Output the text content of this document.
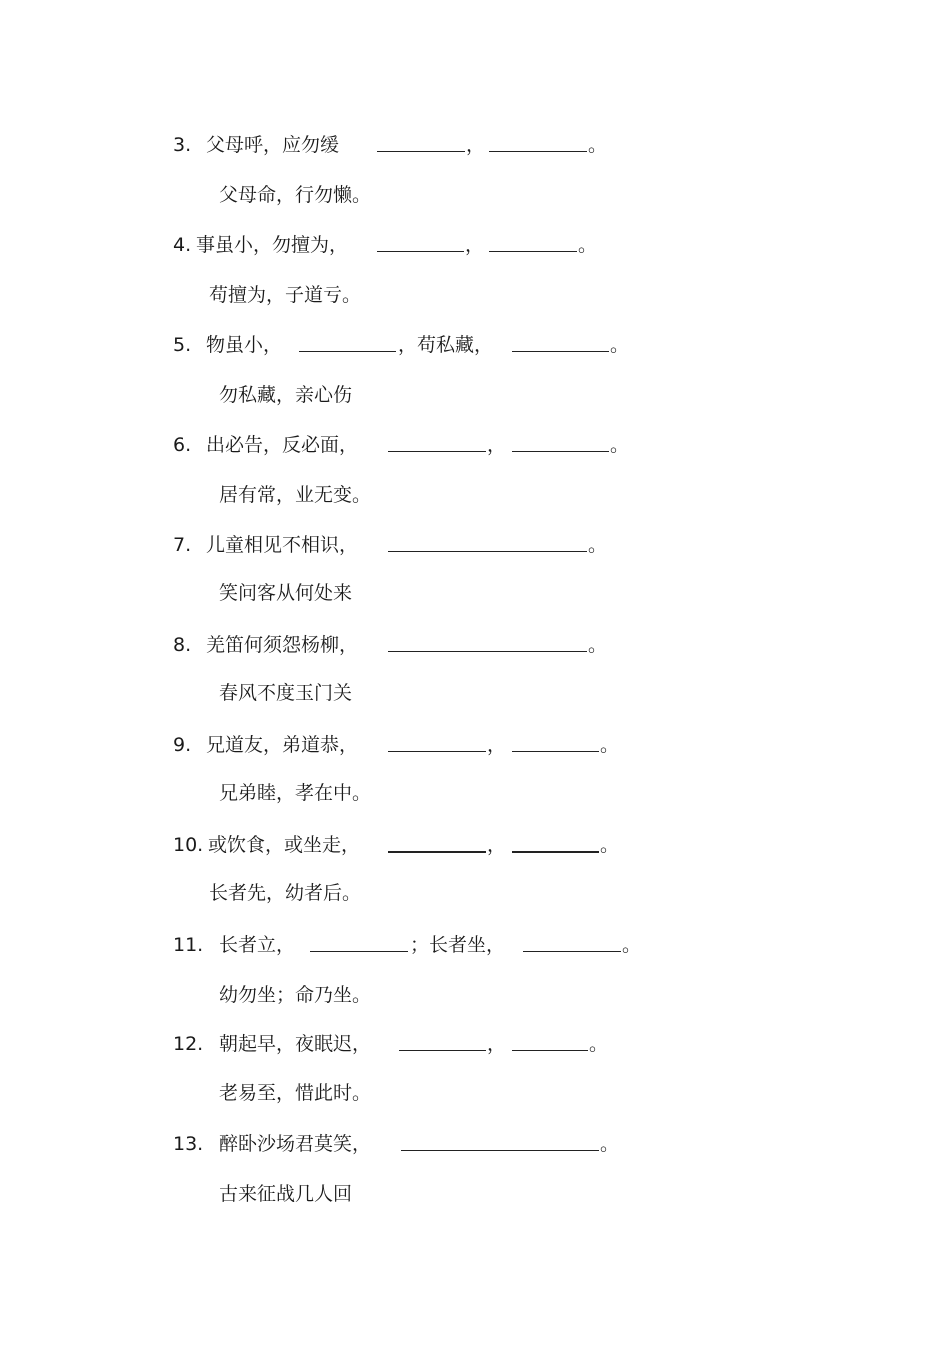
3. 父母呼，应勿缓	，	。
父母命，行勿懒。
4. 事虽小，勿擅为，	，	。
苟擅为，子道亏。
5. 物虽小，	，苟私藏，	。
勿私藏，亲心伤
6. 出必告，反必面，	，	。
居有常，业无变。
7. 儿童相见不相识，	。
笑问客从何处来
8. 羌笛何须怨杨柳，	。
春风不度玉门关
9. 兄道友，弟道恭，	，	。
兄弟睦，孝在中。
10. 或饮食，或坐走，	，	。
长者先，幼者后。
11. 长者立，	；长者坐，	。
幼勿坐；命乃坐。
12. 朝起早，夜眠迟，	，	。
老易至，惜此时。
13. 醉卧沙场君莫笑，	。
古来征战几人回
